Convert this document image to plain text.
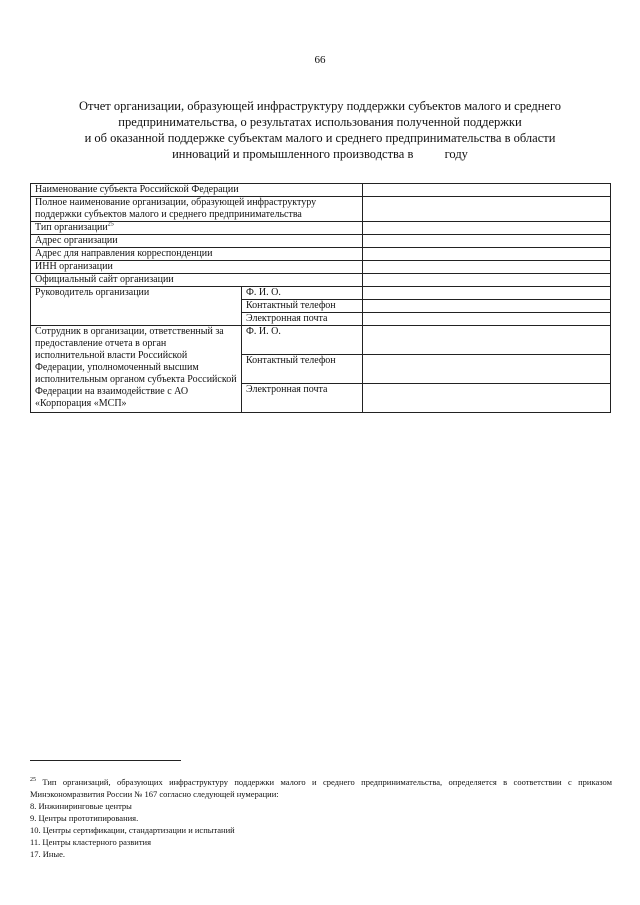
66
Отчет организации, образующей инфраструктуру поддержки субъектов малого и среднего
предпринимательства, о результатах использования полученной поддержки
и об оказанной поддержке субъектам малого и среднего предпринимательства в области
инноваций и промышленного производства в          году
Наименование субъекта Российской Федерации		
Полное наименование организации, образующей инфраструктуру поддержки субъектов малого и среднего предпринимательства		
Тип организации$^{25}$	
Адрес организации		
Адрес для направления корреспонденции		
ИНН организации		
Официальный сайт организации		
Руководитель организации	Ф. И. О.	
	Контактный телефон	
	Электронная почта	
Сотрудник в организации, ответственный за предоставление отчета в орган исполнительной власти Российской Федерации, уполномоченный высшим исполнительным органом субъекта Российской Федерации на взаимодействие с АО «Корпорация «МСП»	Ф. И. О.	
	Контактный телефон	
	Электронная почта	
$^{25}$ Тип организаций, образующих инфраструктуру поддержки малого и среднего предпринимательства, определяется в соответствии с приказом Минэкономразвития России № 167 согласно следующей нумерации:
8. Инжиниринговые центры
9. Центры прототипирования.
10. Центры сертификации, стандартизации и испытаний
11. Центры кластерного развития
17. Иные.
